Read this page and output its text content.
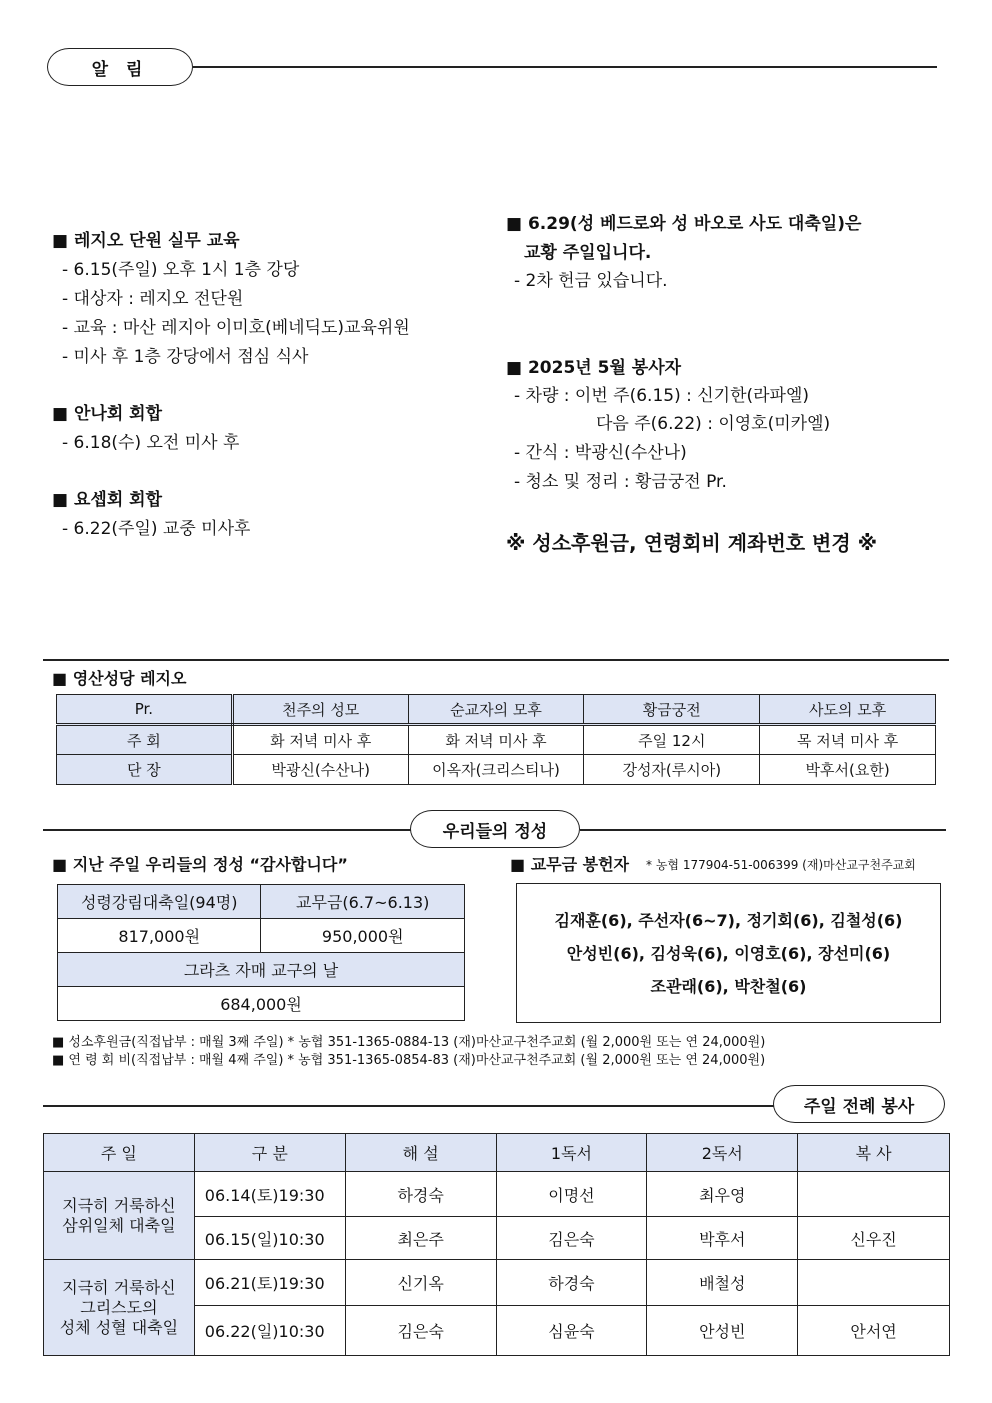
알 림
■ 레지오 단원 실무 교육
- 6.15(주일) 오후 1시 1층 강당
- 대상자 : 레지오 전단원
- 교육 : 마산 레지아 이미호(베네딕도)교육위원
- 미사 후 1층 강당에서 점심 식사
■ 안나회 회합
- 6.18(수) 오전 미사 후
■ 요셉회 회합
- 6.22(주일) 교중 미사후
■ 6.29(성 베드로와 성 바오로 사도 대축일)은
교황 주일입니다.
- 2차 헌금 있습니다.
■ 2025년 5월 봉사자
- 차량 : 이번 주(6.15) : 신기한(라파엘)
다음 주(6.22) : 이영호(미카엘)
- 간식 : 박광신(수산나)
- 청소 및 정리 : 황금궁전 Pr.
※ 성소후원금, 연령회비 계좌번호 변경 ※
■ 영산성당 레지오
Pr.	천주의 성모	순교자의 모후	황금궁전	사도의 모후
주 회	화 저녁 미사 후	화 저녁 미사 후	주일 12시	목 저녁 미사 후
단 장	박광신(수산나)	이옥자(크리스티나)	강성자(루시아)	박후서(요한)
우리들의 정성
■ 지난 주일 우리들의 정성 “감사합니다”
성령강림대축일(94명)	교무금(6.7~6.13)
817,000원	950,000원
그라츠 자매 교구의 날	
684,000원	
■ 교무금 봉헌자 * 농협 177904-51-006399 (재)마산교구천주교회
김재훈(6), 주선자(6~7), 정기회(6), 김철성(6)
안성빈(6), 김성욱(6), 이영호(6), 장선미(6)
조관래(6), 박찬철(6)
■ 성소후원금(직접납부 : 매월 3째 주일) * 농협 351-1365-0884-13 (재)마산교구천주교회 (월 2,000원 또는 연 24,000원)
■ 연 령 회 비(직접납부 : 매월 4째 주일) * 농협 351-1365-0854-83 (재)마산교구천주교회 (월 2,000원 또는 연 24,000원)
주일 전례 봉사
주 일	구 분	해 설	1독서	2독서	복 사

지극히 거룩하신
삼위일체 대축일	06.14(토)19:30	하경숙	이명선	최우영	
	06.15(일)10:30	최은주	김은숙	박후서	신우진

지극히 거룩하신
그리스도의
성체 성혈 대축일	06.21(토)19:30	신기옥	하경숙	배철성	
	06.22(일)10:30	김은숙	심윤숙	안성빈	안서연
